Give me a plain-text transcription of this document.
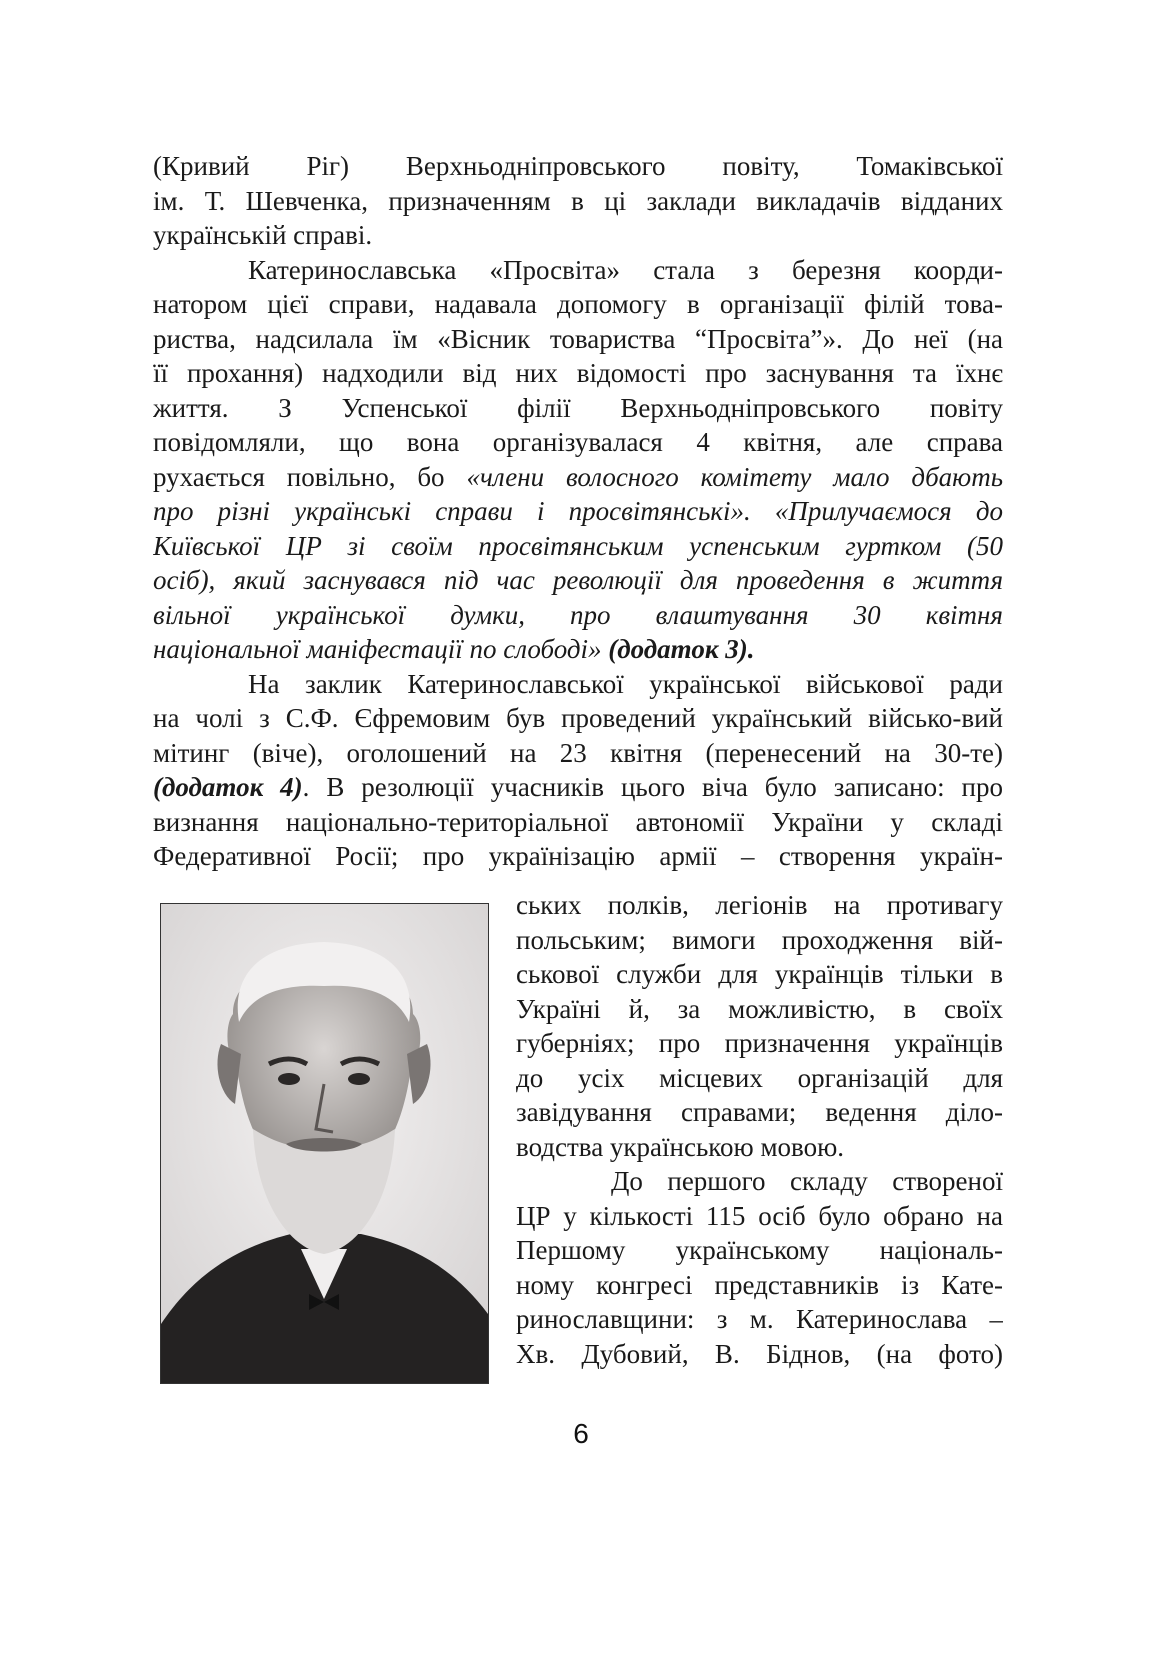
(Кривий Ріг) Верхньодніпровського повіту, Томаківської
ім. Т. Шевченка, призначенням в ці заклади викладачів відданих
українській справі.
Катеринославська «Просвіта» стала з березня коорди-
натором цієї справи, надавала допомогу в організації філій това-
риства, надсилала їм «Вісник товариства “Просвіта”». До неї (на
її прохання) надходили від них відомості про заснування та їхнє
життя. З Успенської філії Верхньодніпровського повіту
повідомляли, що вона організувалася 4 квітня, але справа
рухається повільно, бо «члени волосного комітету мало дбають
про різні українські справи і просвітянські». «Прилучаємося до
Київської ЦР зі своїм просвітянським успенським гуртком (50
осіб), який заснувався під час революції для проведення в життя
вільної української думки, про влаштування 30 квітня
національної маніфестації по слободі» (додаток 3).
На заклик Катеринославської української військової ради
на чолі з С.Ф. Єфремовим був проведений український військо-вий
мітинг (віче), оголошений на 23 квітня (перенесений на 30-те)
(додаток 4). В резолюції учасників цього віча було записано: про
визнання національно-територіальної автономії України у складі
Федеративної Росії; про українізацію армії – створення україн-
ських полків, легіонів на противагу
польським; вимоги проходження вій-
ськової служби для українців тільки в
Україні й, за можливістю, в своїх
губерніях; про призначення українців
до усіх місцевих організацій для
завідування справами; ведення діло-
водства українською мовою.
До першого складу створеної
ЦР у кількості 115 осіб було обрано на
Першому українському національ-
ному конгресі представників із Кате-
ринославщини: з м. Катеринослава –
Хв. Дубовий, В. Біднов, (на фото)
6
